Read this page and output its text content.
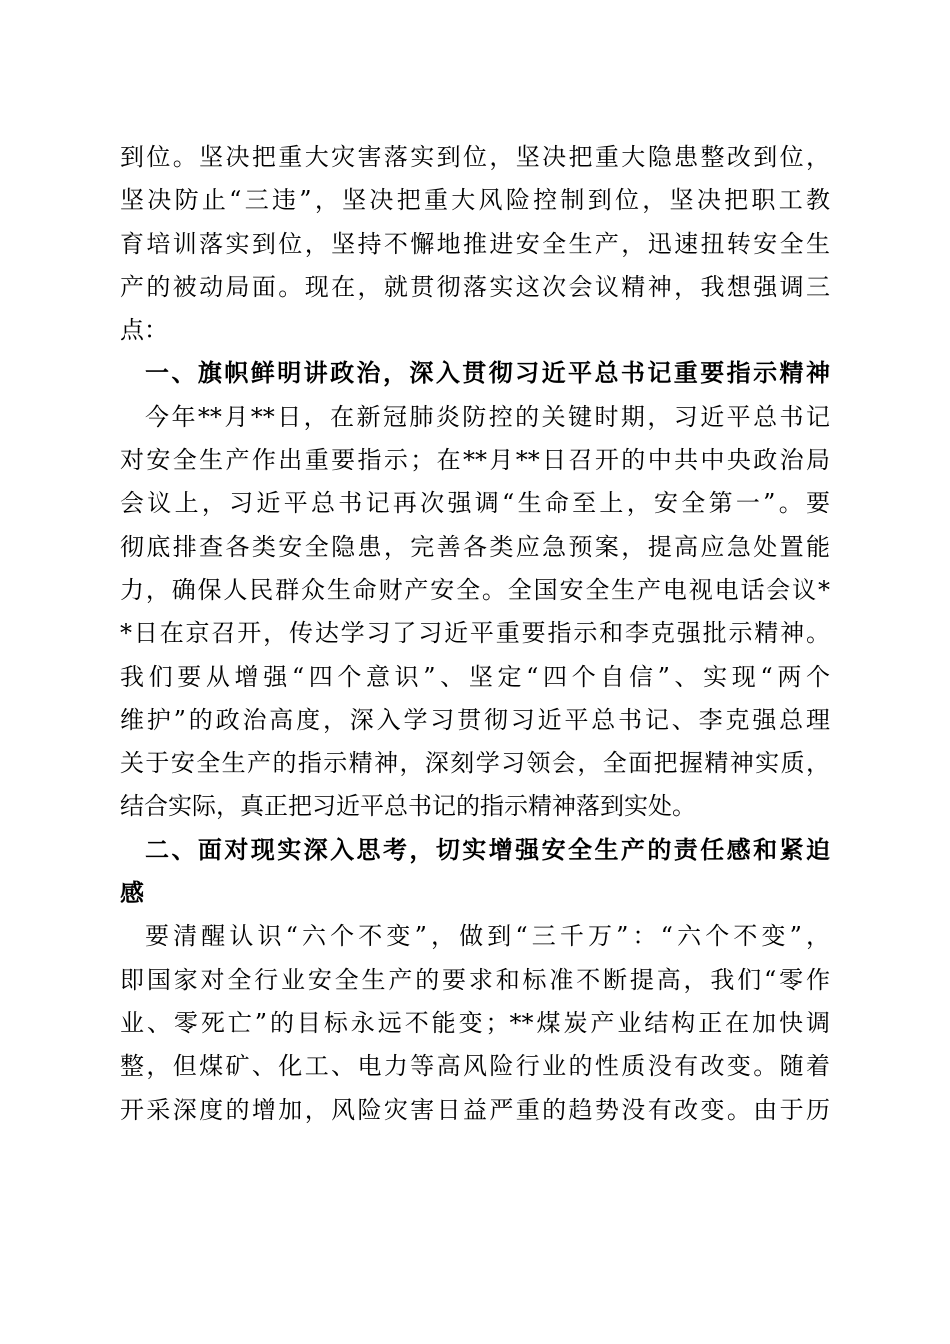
到位。坚决把重大灾害落实到位，坚决把重大隐患整改到位，
坚决防止“三违”，坚决把重大风险控制到位，坚决把职工教
育培训落实到位，坚持不懈地推进安全生产，迅速扭转安全生
产的被动局面。现在，就贯彻落实这次会议精神，我想强调三
点：
一、旗帜鲜明讲政治，深入贯彻习近平总书记重要指示精神
今年**月**日，在新冠肺炎防控的关键时期，习近平总书记
对安全生产作出重要指示；在**月**日召开的中共中央政治局
会议上，习近平总书记再次强调“生命至上，安全第一”。要
彻底排查各类安全隐患，完善各类应急预案，提高应急处置能
力，确保人民群众生命财产安全。全国安全生产电视电话会议*
*日在京召开，传达学习了习近平重要指示和李克强批示精神。
我们要从增强“四个意识”、坚定“四个自信”、实现“两个
维护”的政治高度，深入学习贯彻习近平总书记、李克强总理
关于安全生产的指示精神，深刻学习领会，全面把握精神实质，
结合实际，真正把习近平总书记的指示精神落到实处。
二、面对现实深入思考，切实增强安全生产的责任感和紧迫
感
要清醒认识“六个不变”，做到“三千万”：“六个不变”，
即国家对全行业安全生产的要求和标准不断提高，我们“零作
业、零死亡”的目标永远不能变；**煤炭产业结构正在加快调
整，但煤矿、化工、电力等高风险行业的性质没有改变。随着
开采深度的增加，风险灾害日益严重的趋势没有改变。由于历
